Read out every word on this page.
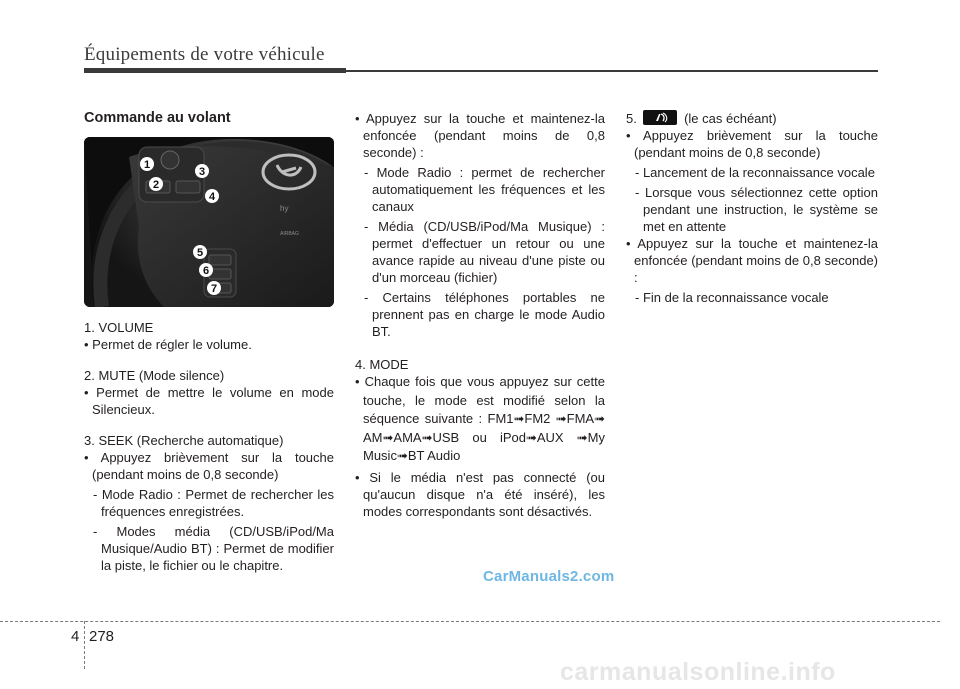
Équipements de votre véhicule
Commande au volant
hy
AIRBAG
1
2
3
4
5
6
7

1. VOLUME

• Permet de régler le volume.

2. MUTE (Mode silence)

• Permet de mettre le volume en mode Silencieux.

3. SEEK (Recherche automatique)

• Appuyez brièvement sur la touche (pendant moins de 0,8 seconde)

- Mode Radio : Permet de rechercher les fréquences enregistrées.

- Modes média (CD/USB/iPod/Ma Musique/Audio BT) : Permet de modifier la piste, le fichier ou le chapitre.

• Appuyez sur la touche et maintenez-la enfoncée (pendant moins de 0,8 seconde) :

- Mode Radio : permet de rechercher automatiquement les fréquences et les canaux

- Média (CD/USB/iPod/Ma Musique) : permet d'effectuer un retour ou une avance rapide au niveau d'une piste ou d'un morceau (fichier)

- Certains téléphones portables ne prennent pas en charge le mode Audio BT.

4. MODE

• Chaque fois que vous appuyez sur cette touche, le mode est modifié selon la séquence suivante : FM1➟FM2 ➟FMA➟ AM➟AMA➟USB ou iPod➟AUX ➟My Music➟BT Audio

• Si le média n'est pas connecté (ou qu'aucun disque n'a été inséré), les modes correspondants sont désactivés.

5.	(le cas échéant)

• Appuyez brièvement sur la touche (pendant moins de 0,8 seconde)

- Lancement de la reconnaissance vocale

- Lorsque vous sélectionnez cette option pendant une instruction, le système se met en attente

• Appuyez sur la touche et maintenez-la enfoncée (pendant moins de 0,8 seconde) :

- Fin de la reconnaissance vocale

CarManuals2.com
4 278
carmanualsonline.info
